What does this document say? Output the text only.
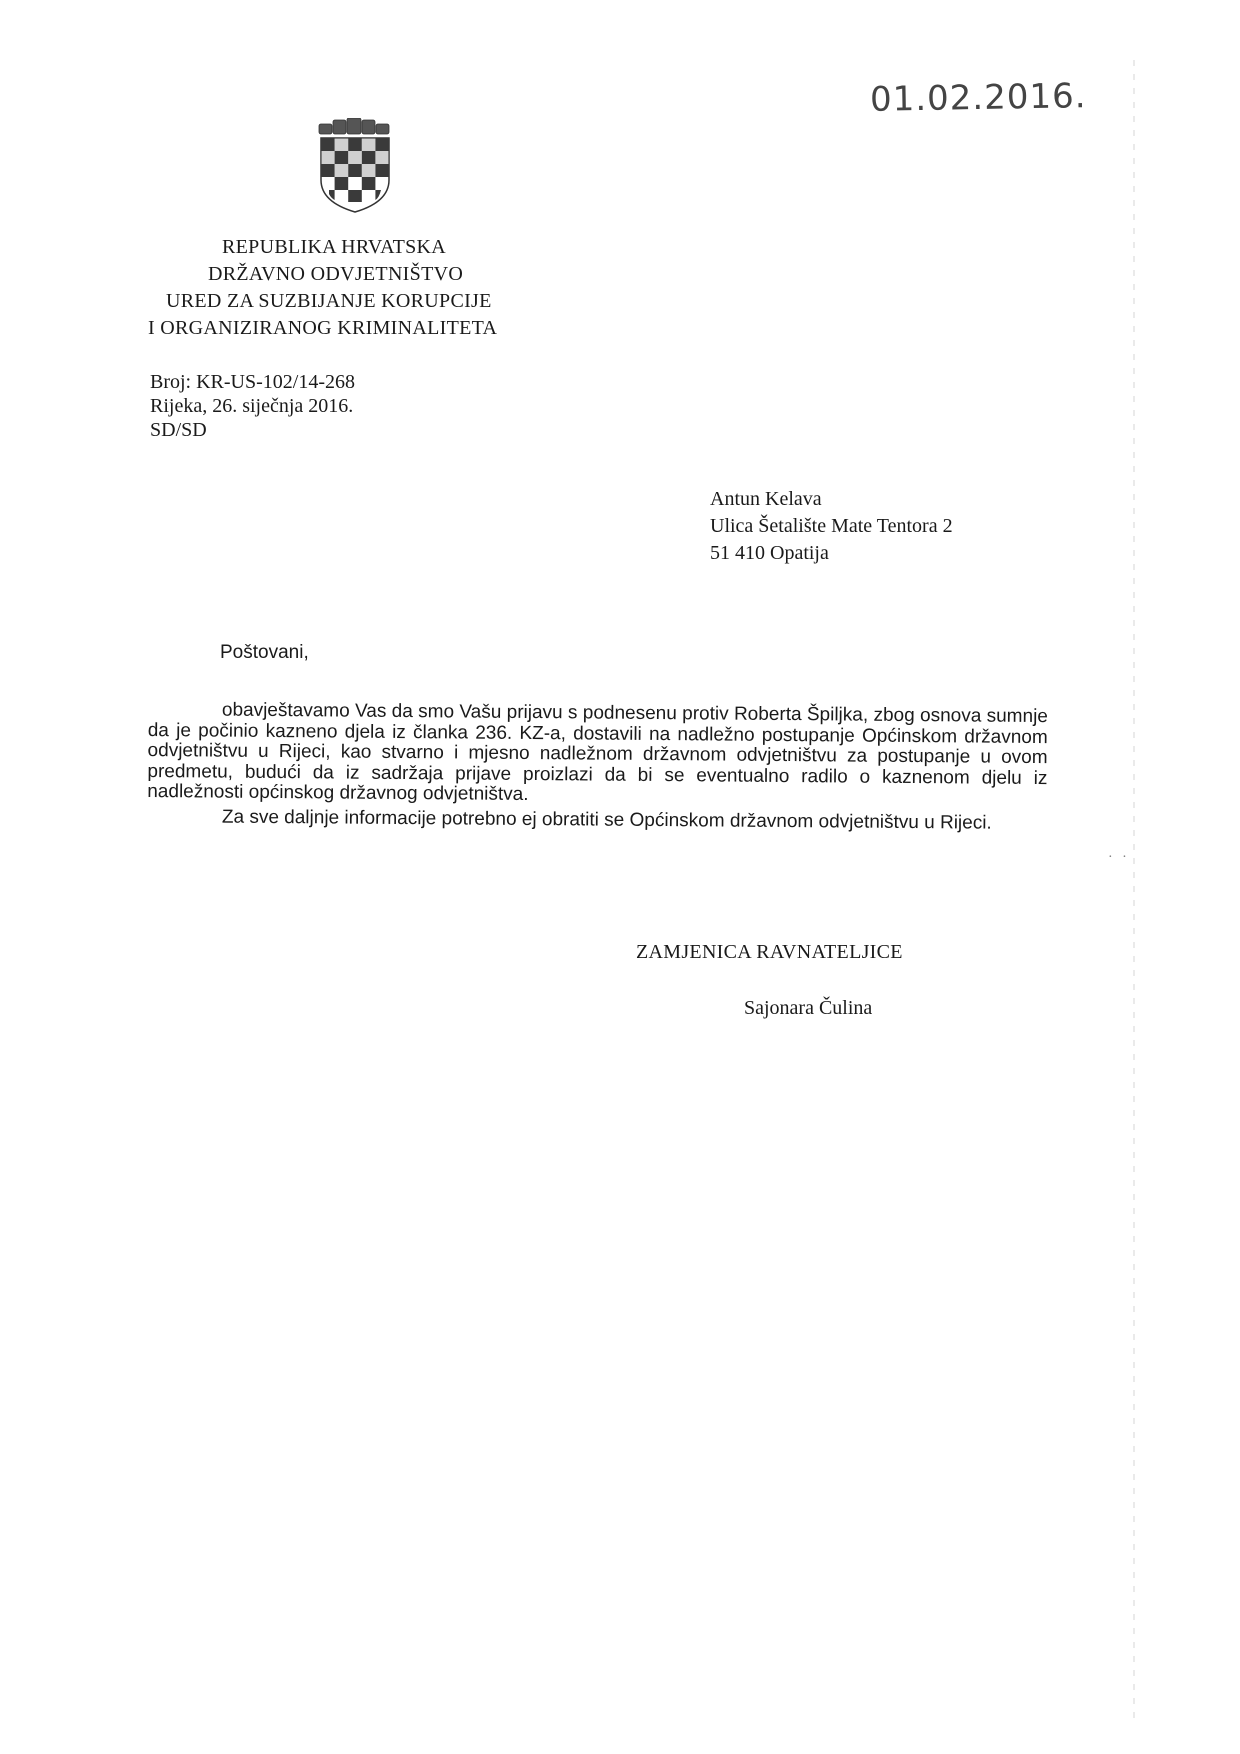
· ·
01.02.2016.
REPUBLIKA HRVATSKA
DRŽAVNO ODVJETNIŠTVO
URED ZA SUZBIJANJE KORUPCIJE
I ORGANIZIRANOG KRIMINALITETA
Broj: KR-US-102/14-268
Rijeka, 26. siječnja 2016.
SD/SD
Antun Kelava
Ulica Šetalište Mate Tentora 2
51 410 Opatija
Poštovani,

obavještavamo Vas da smo Vašu prijavu s podnesenu protiv Roberta Špiljka, zbog osnova sumnje da je počinio kazneno djela iz članka 236. KZ-a, dostavili na nadležno postupanje Općinskom državnom odvjetništvu u Rijeci, kao stvarno i mjesno nadležnom državnom odvjetništvu za postupanje u ovom predmetu, budući da iz sadržaja prijave proizlazi da bi se eventualno radilo o kaznenom djelu iz nadležnosti općinskog državnog odvjetništva.

Za sve daljnje informacije potrebno ej obratiti se Općinskom državnom odvjetništvu u Rijeci.

ZAMJENICA RAVNATELJICE
Sajonara Čulina
